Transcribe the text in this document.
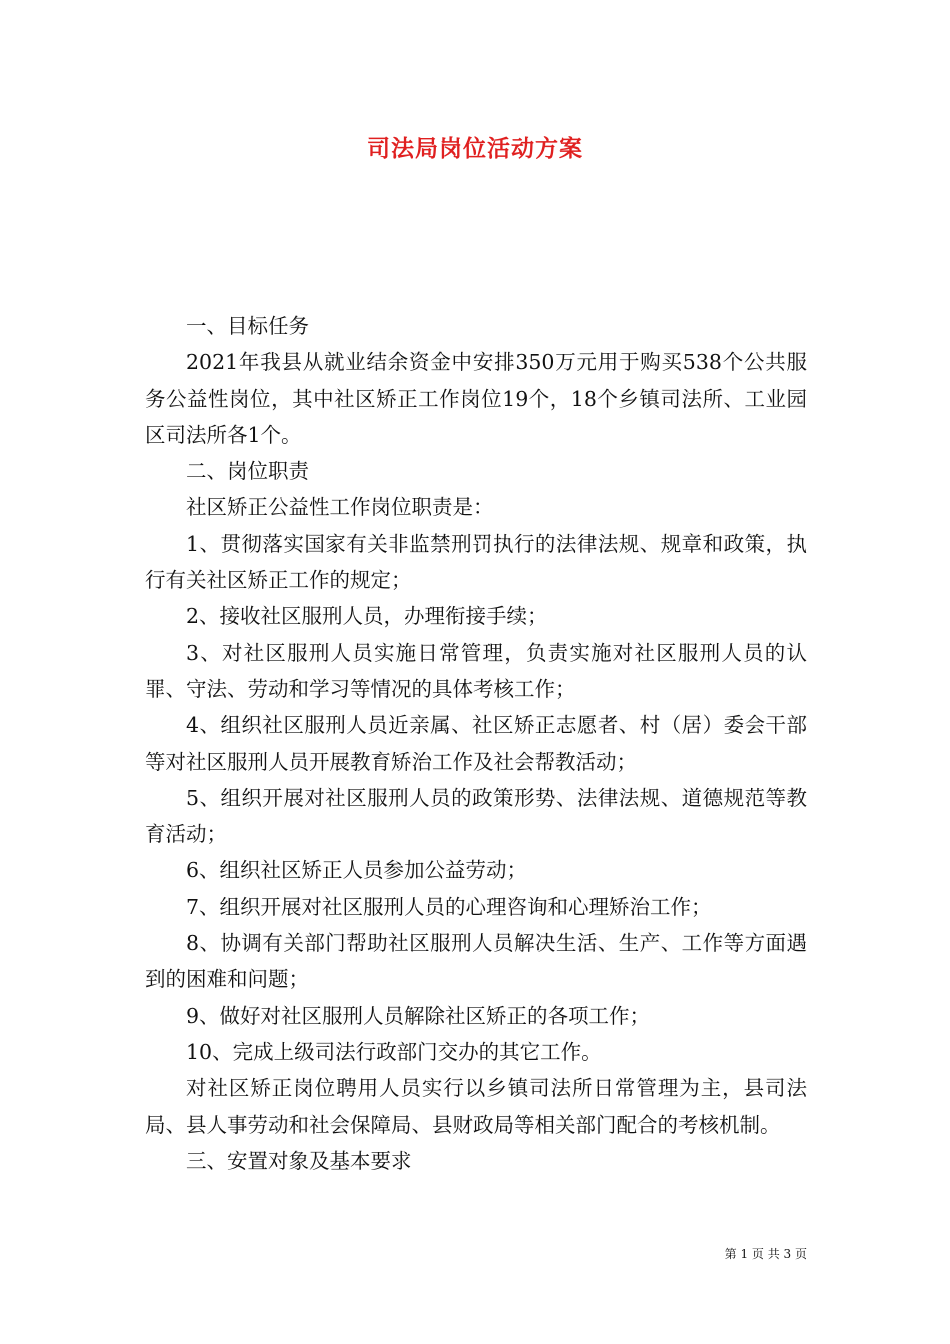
司法局岗位活动方案

一、目标任务

2021年我县从就业结余资金中安排350万元用于购买538个公共服务公益性岗位，其中社区矫正工作岗位19个，18个乡镇司法所、工业园区司法所各1个。

二、岗位职责

社区矫正公益性工作岗位职责是：

1、贯彻落实国家有关非监禁刑罚执行的法律法规、规章和政策，执行有关社区矫正工作的规定；

2、接收社区服刑人员，办理衔接手续；

3、对社区服刑人员实施日常管理，负责实施对社区服刑人员的认罪、守法、劳动和学习等情况的具体考核工作；

4、组织社区服刑人员近亲属、社区矫正志愿者、村（居）委会干部等对社区服刑人员开展教育矫治工作及社会帮教活动；

5、组织开展对社区服刑人员的政策形势、法律法规、道德规范等教育活动；

6、组织社区矫正人员参加公益劳动；

7、组织开展对社区服刑人员的心理咨询和心理矫治工作；

8、协调有关部门帮助社区服刑人员解决生活、生产、工作等方面遇到的困难和问题；

9、做好对社区服刑人员解除社区矫正的各项工作；

10、完成上级司法行政部门交办的其它工作。

对社区矫正岗位聘用人员实行以乡镇司法所日常管理为主，县司法局、县人事劳动和社会保障局、县财政局等相关部门配合的考核机制。

三、安置对象及基本要求

第 1 页 共 3 页
